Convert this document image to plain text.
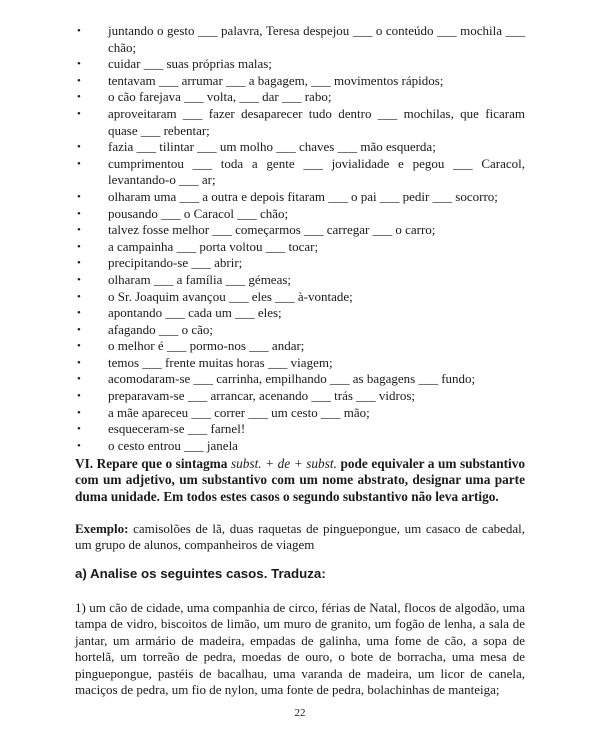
• juntando o gesto ___ palavra, Teresa despejou ___ o conteúdo ___ mochila ___ chão;
• cuidar ___ suas próprias malas;
• tentavam ___ arrumar ___ a bagagem, ___ movimentos rápidos;
• o cão farejava ___ volta, ___ dar ___ rabo;
• aproveitaram ___ fazer desaparecer tudo dentro ___ mochilas, que ficaram quase ___ rebentar;
• fazia ___ tilintar ___ um molho ___ chaves ___ mão esquerda;
• cumprimentou ___ toda a gente ___ jovialidade e pegou ___ Caracol, levantando-o ___ ar;
• olharam uma ___ a outra e depois fitaram ___ o pai ___ pedir ___ socorro;
• pousando ___ o Caracol ___ chão;
• talvez fosse melhor ___ começarmos ___ carregar ___ o carro;
• a campainha ___ porta voltou ___ tocar;
• precipitando-se ___ abrir;
• olharam ___ a família ___ gémeas;
• o Sr. Joaquim avançou ___ eles ___ à-vontade;
• apontando ___ cada um ___ eles;
• afagando ___ o cão;
• o melhor é ___ pormo-nos ___ andar;
• temos ___ frente muitas horas ___ viagem;
• acomodaram-se ___ carrinha, empilhando ___ as bagagens ___ fundo;
• preparavam-se ___ arrancar, acenando ___ trás ___ vidros;
• a mãe apareceu ___ correr ___ um cesto ___ mão;
• esqueceram-se ___ farnel!
• o cesto entrou ___ janela
VI. Repare que o sintagma subst. + de + subst. pode equivaler a um substantivo com um adjetivo, um substantivo com um nome abstrato, designar uma parte duma unidade. Em todos estes casos o segundo substantivo não leva artigo.
Exemplo: camisolões de lã, duas raquetas de pinguepongue, um casaco de cabedal, um grupo de alunos, companheiros de viagem
a) Analise os seguintes casos. Traduza:
1) um cão de cidade, uma companhia de circo, férias de Natal, flocos de algodão, uma tampa de vidro, biscoitos de limão, um muro de granito, um fogão de lenha, a sala de jantar, um armário de madeira, empadas de galinha, uma fome de cão, a sopa de hortelã, um torreão de pedra, moedas de ouro, o bote de borracha, uma mesa de pinguepongue, pastéis de bacalhau, uma varanda de madeira, um licor de canela, maciços de pedra, um fio de nylon, uma fonte de pedra, bolachinhas de manteiga;
22
